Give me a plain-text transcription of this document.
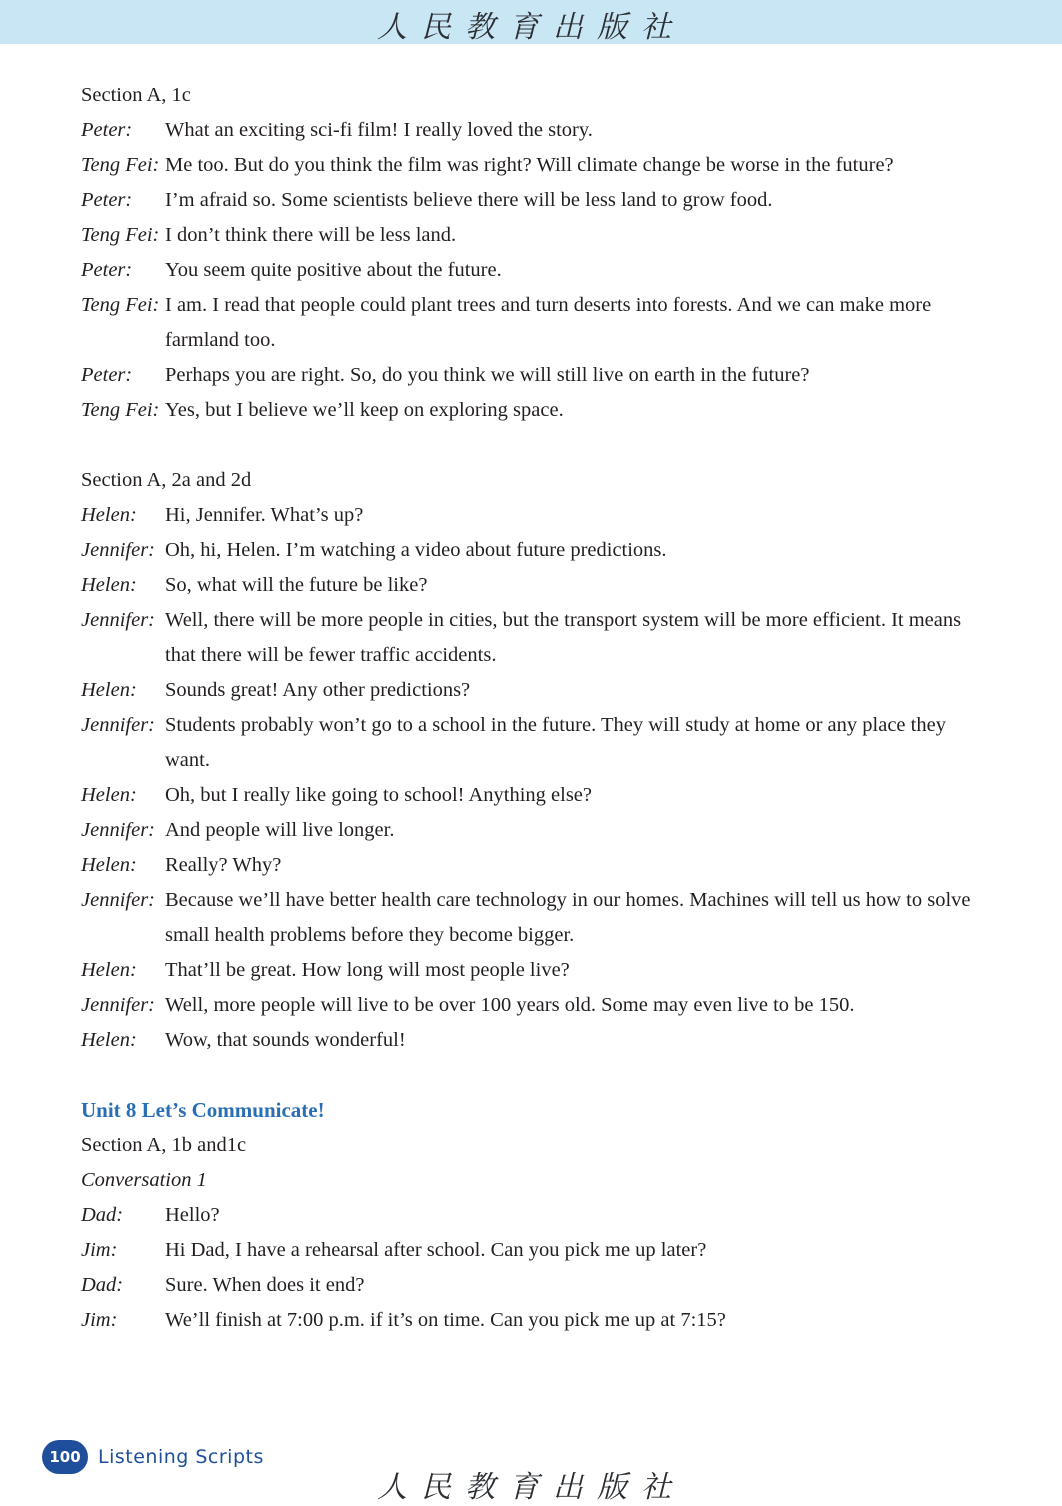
人民教育出版社
Section A, 1c
Peter:	What an exciting sci-fi film! I really loved the story.
Teng Fei: Me too. But do you think the film was right? Will climate change be worse in the future?
Peter:	I’m afraid so. Some scientists believe there will be less land to grow food.
Teng Fei: I don’t think there will be less land.
Peter:	You seem quite positive about the future.
Teng Fei: I am. I read that people could plant trees and turn deserts into forests. And we can make more farmland too.
Peter:	Perhaps you are right. So, do you think we will still live on earth in the future?
Teng Fei: Yes, but I believe we’ll keep on exploring space.
Section A, 2a and 2d
Helen:	Hi, Jennifer. What’s up?
Jennifer: Oh, hi, Helen. I’m watching a video about future predictions.
Helen:	So, what will the future be like?
Jennifer: Well, there will be more people in cities, but the transport system will be more efficient. It means that there will be fewer traffic accidents.
Helen:	Sounds great! Any other predictions?
Jennifer: Students probably won’t go to a school in the future. They will study at home or any place they want.
Helen:	Oh, but I really like going to school! Anything else?
Jennifer: And people will live longer.
Helen:	Really? Why?
Jennifer: Because we’ll have better health care technology in our homes. Machines will tell us how to solve small health problems before they become bigger.
Helen:	That’ll be great. How long will most people live?
Jennifer: Well, more people will live to be over 100 years old. Some may even live to be 150.
Helen:	Wow, that sounds wonderful!
Unit 8 Let’s Communicate!
Section A, 1b and1c
Conversation 1
Dad:	Hello?
Jim:	Hi Dad, I have a rehearsal after school. Can you pick me up later?
Dad:	Sure. When does it end?
Jim:	We’ll finish at 7:00 p.m. if it’s on time. Can you pick me up at 7:15?
100 Listening Scripts
人民教育出版社
